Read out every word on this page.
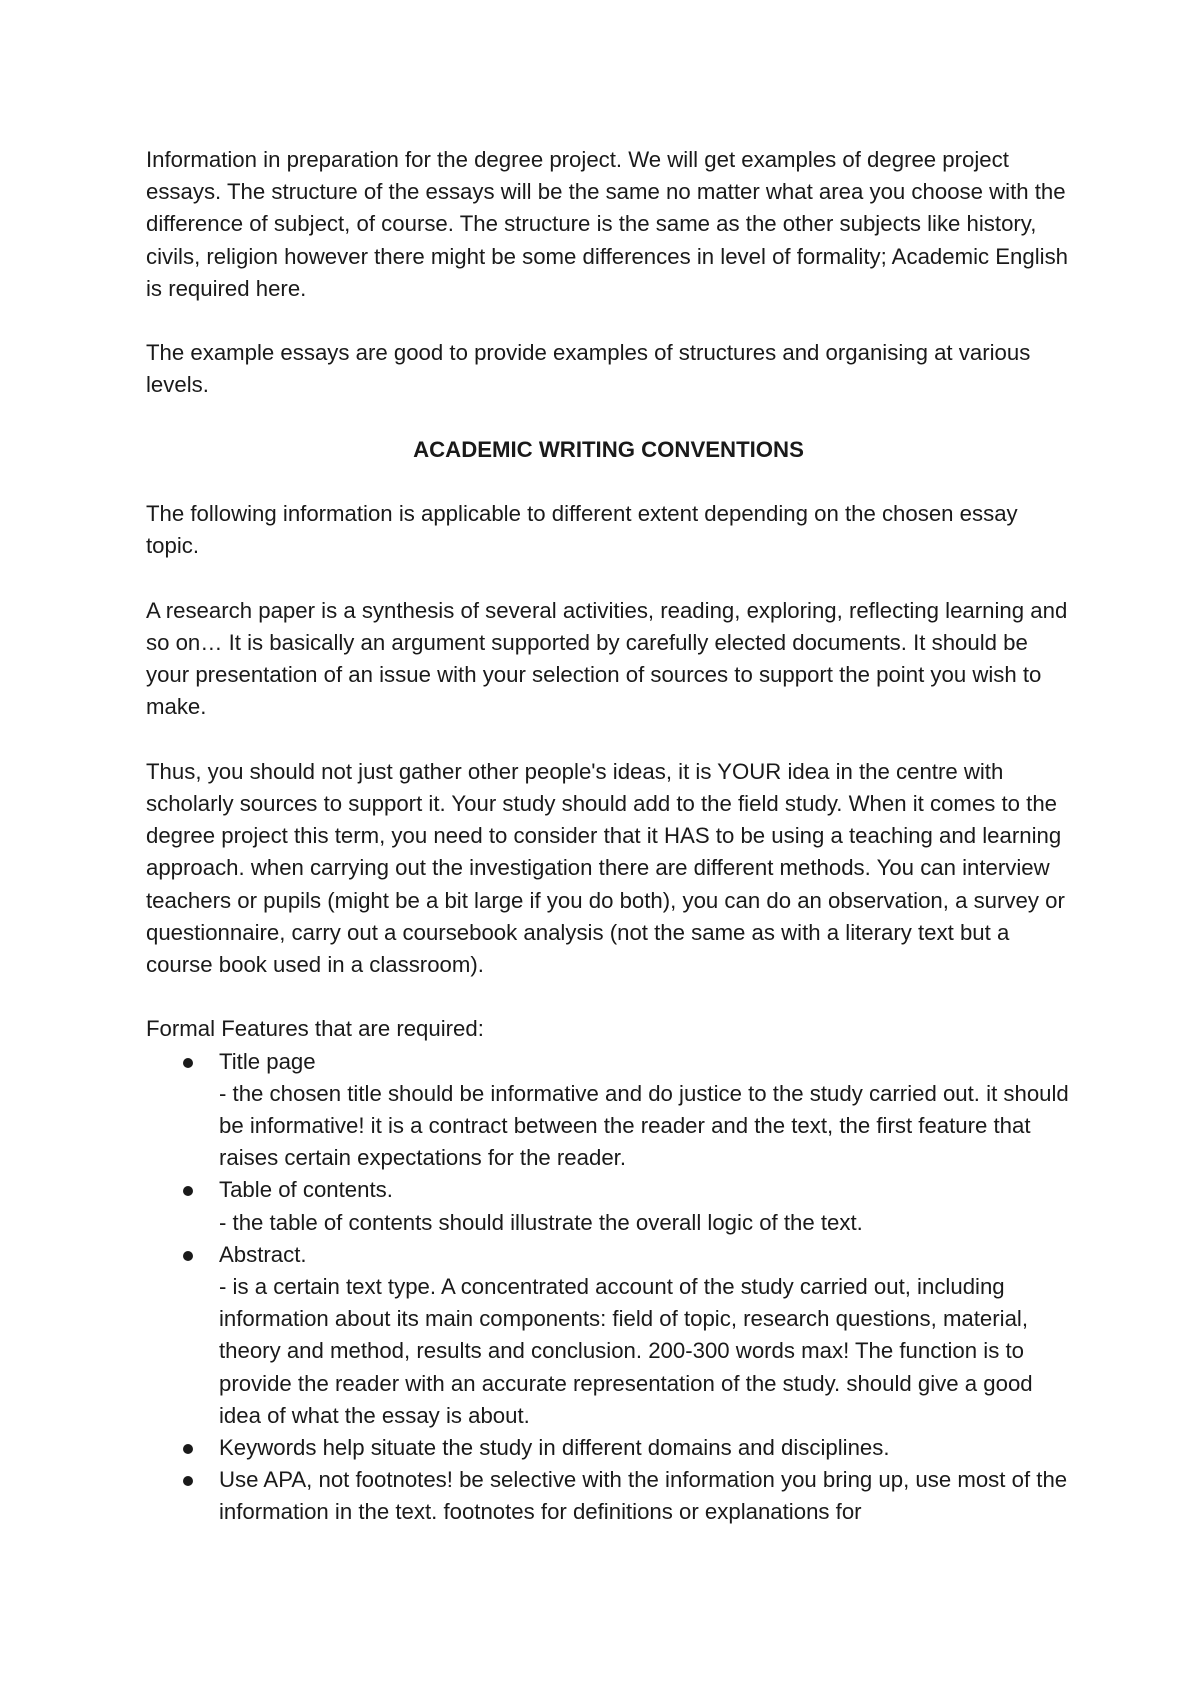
Information in preparation for the degree project. We will get examples of degree project essays. The structure of the essays will be the same no matter what area you choose with the difference of subject, of course. The structure is the same as the other subjects like history, civils, religion however there might be some differences in level of formality; Academic English is required here.

The example essays are good to provide examples of structures and organising at various levels.

ACADEMIC WRITING CONVENTIONS

The following information is applicable to different extent depending on the chosen essay topic.

A research paper is a synthesis of several activities, reading, exploring, reflecting learning and so on… It is basically an argument supported by carefully elected documents. It should be your presentation of an issue with your selection of sources to support the point you wish to make.

Thus, you should not just gather other people's ideas, it is YOUR idea in the centre with scholarly sources to support it. Your study should add to the field study. When it comes to the degree project this term, you need to consider that it HAS to be using a teaching and learning approach. when carrying out the investigation there are different methods. You can interview teachers or pupils (might be a bit large if you do both), you can do an observation, a survey or questionnaire, carry out a coursebook analysis (not the same as with a literary text but a course book used in a classroom).

Formal Features that are required:
Title page
- the chosen title should be informative and do justice to the study carried out. it should be informative! it is a contract between the reader and the text, the first feature that raises certain expectations for the reader.
Table of contents.
- the table of contents should illustrate the overall logic of the text.
Abstract.
- is a certain text type. A concentrated account of the study carried out, including information about its main components: field of topic, research questions, material, theory and method, results and conclusion. 200-300 words max! The function is to provide the reader with an accurate representation of the study. should give a good idea of what the essay is about.
Keywords help situate the study in different domains and disciplines.
Use APA, not footnotes! be selective with the information you bring up, use most of the information in the text. footnotes for definitions or explanations for
